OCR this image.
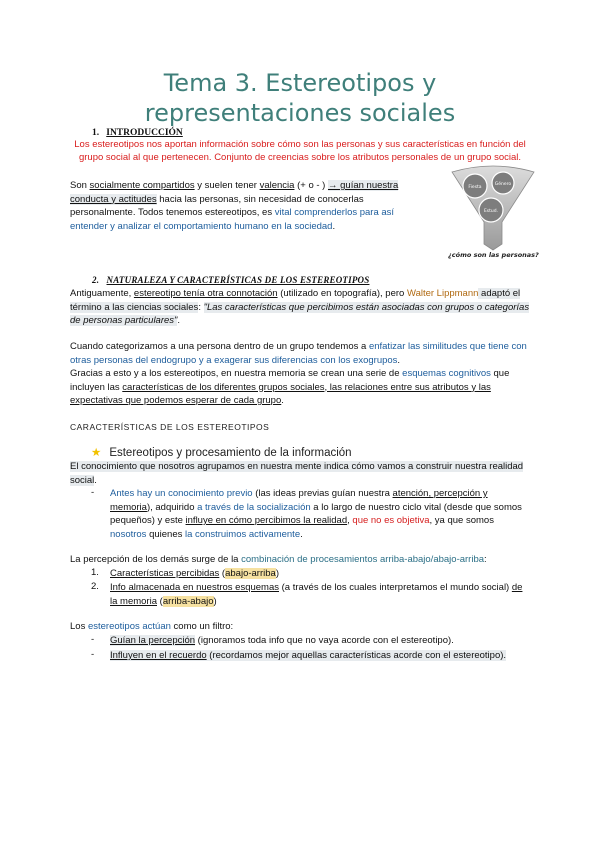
Tema 3. Estereotipos y representaciones sociales
1. INTRODUCCIÓN
Los estereotipos nos aportan información sobre cómo son las personas y sus características en función del grupo social al que pertenecen. Conjunto de creencias sobre los atributos personales de un grupo social.
Son socialmente compartidos y suelen tener valencia (+ o - ) → guían nuestra conducta y actitudes hacia las personas, sin necesidad de conocerlas personalmente. Todos tenemos estereotipos, es vital comprenderlos para así entender y analizar el comportamiento humano en la sociedad.
Fiesta
Género
Estud.
¿cómo son las personas?
2. NATURALEZA Y CARACTERÍSTICAS DE LOS ESTEREOTIPOS
Antiguamente, estereotipo tenía otra connotación (utilizado en topografía), pero Walter Lippmann adaptó el término a las ciencias sociales: "Las características que percibimos están asociadas con grupos o categorías de personas particulares".
Cuando categorizamos a una persona dentro de un grupo tendemos a enfatizar las similitudes que tiene con otras personas del endogrupo y a exagerar sus diferencias con los exogrupos.
Gracias a esto y a los estereotipos, en nuestra memoria se crean una serie de esquemas cognitivos que incluyen las características de los diferentes grupos sociales, las relaciones entre sus atributos y las expectativas que podemos esperar de cada grupo.
CARACTERÍSTICAS DE LOS ESTEREOTIPOS
★ Estereotipos y procesamiento de la información
El conocimiento que nosotros agrupamos en nuestra mente indica cómo vamos a construir nuestra realidad social.
- Antes hay un conocimiento previo (las ideas previas guían nuestra atención, percepción y memoria), adquirido a través de la socialización a lo largo de nuestro ciclo vital (desde que somos pequeños) y este influye en cómo percibimos la realidad, que no es objetiva, ya que somos nosotros quienes la construimos activamente.
La percepción de los demás surge de la combinación de procesamientos arriba-abajo/abajo-arriba:
1. Características percibidas (abajo-arriba)
2. Info almacenada en nuestros esquemas (a través de los cuales interpretamos el mundo social) de la memoria (arriba-abajo)
Los estereotipos actúan como un filtro:
- Guían la percepción (ignoramos toda info que no vaya acorde con el estereotipo).
- Influyen en el recuerdo (recordamos mejor aquellas características acorde con el estereotipo).
